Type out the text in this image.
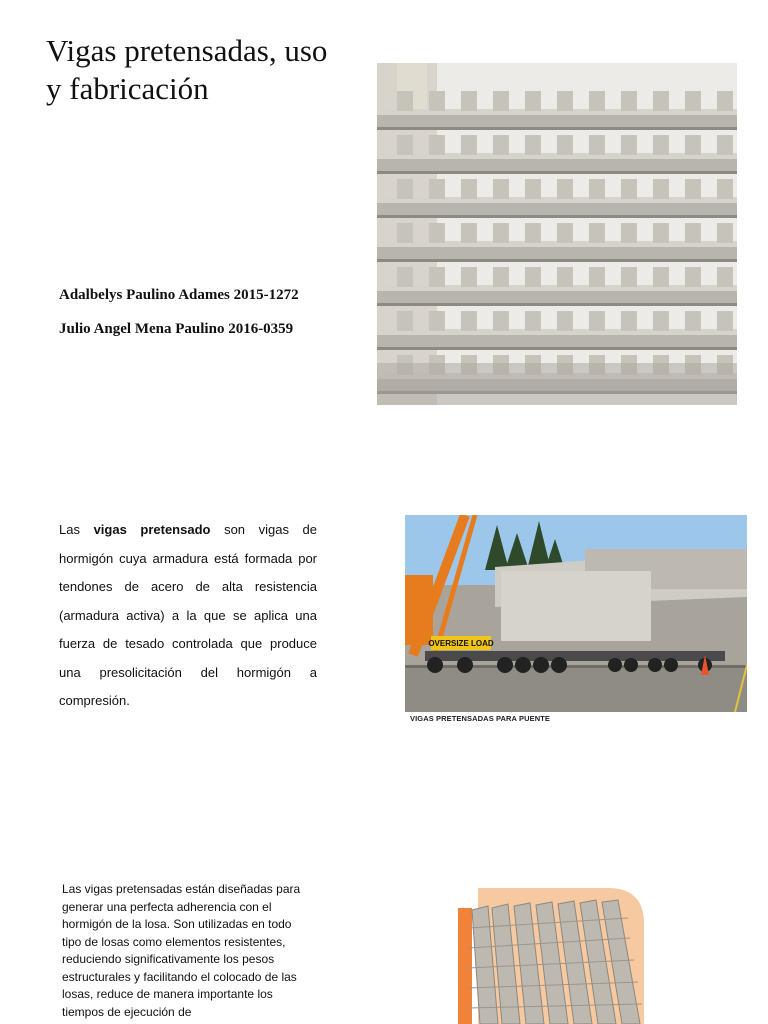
Vigas pretensadas, uso y fabricación

Adalbelys Paulino Adames 2015-1272

Julio Angel Mena Paulino 2016-0359

Las vigas pretensado son vigas de hormigón cuya armadura está formada por tendones de acero de alta resistencia (armadura activa) a la que se aplica una fuerza de tesado controlada que produce una presolicitación del hormigón a compresión.

OVERSIZE LOAD
VIGAS PRETENSADAS PARA PUENTE

Las vigas pretensadas están diseñadas para generar una perfecta adherencia con el hormigón de la losa. Son utilizadas en todo tipo de losas como elementos resistentes, reduciendo significativamente los pesos estructurales y facilitando el colocado de las losas, reduce de manera importante los tiempos de ejecución de
